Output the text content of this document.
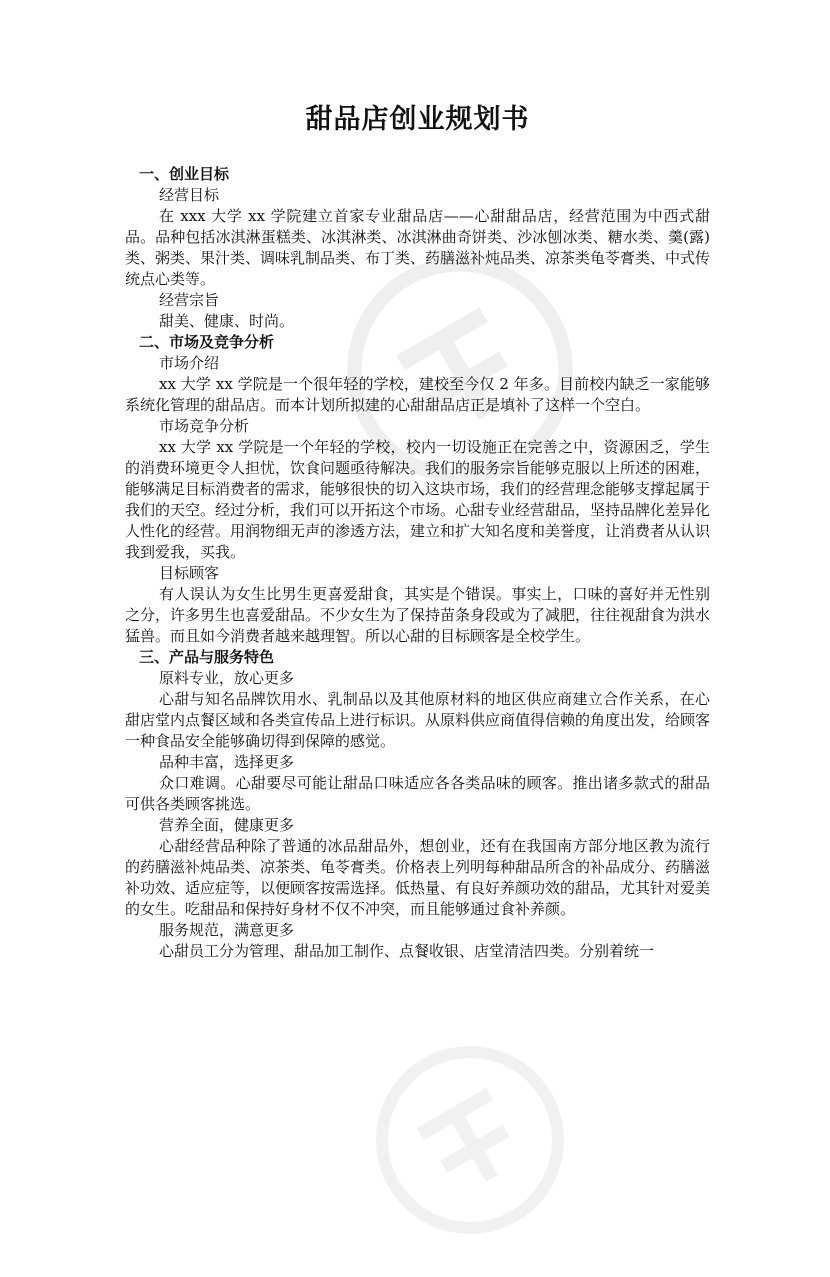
甜品店创业规划书

一、创业目标

经营目标

在 xxx 大学 xx 学院建立首家专业甜品店——心甜甜品店，经营范围为中西式甜品。品种包括冰淇淋蛋糕类、冰淇淋类、冰淇淋曲奇饼类、沙冰刨冰类、糖水类、羹(露)类、粥类、果汁类、调味乳制品类、布丁类、药膳滋补炖品类、凉茶类龟苓膏类、中式传统点心类等。

经营宗旨

甜美、健康、时尚。

二、市场及竞争分析

市场介绍

xx 大学 xx 学院是一个很年轻的学校，建校至今仅 2 年多。目前校内缺乏一家能够系统化管理的甜品店。而本计划所拟建的心甜甜品店正是填补了这样一个空白。

市场竞争分析

xx 大学 xx 学院是一个年轻的学校，校内一切设施正在完善之中，资源困乏，学生的消费环境更令人担忧，饮食问题亟待解决。我们的服务宗旨能够克服以上所述的困难，能够满足目标消费者的需求，能够很快的切入这块市场，我们的经营理念能够支撑起属于我们的天空。经过分析，我们可以开拓这个市场。心甜专业经营甜品，坚持品牌化差异化人性化的经营。用润物细无声的渗透方法，建立和扩大知名度和美誉度，让消费者从认识我到爱我，买我。

目标顾客

有人误认为女生比男生更喜爱甜食，其实是个错误。事实上，口味的喜好并无性别之分，许多男生也喜爱甜品。不少女生为了保持苗条身段或为了减肥，往往视甜食为洪水猛兽。而且如今消费者越来越理智。所以心甜的目标顾客是全校学生。

三、产品与服务特色

原料专业，放心更多

心甜与知名品牌饮用水、乳制品以及其他原材料的地区供应商建立合作关系，在心甜店堂内点餐区域和各类宣传品上进行标识。从原料供应商值得信赖的角度出发，给顾客一种食品安全能够确切得到保障的感觉。

品种丰富，选择更多

众口难调。心甜要尽可能让甜品口味适应各各类品味的顾客。推出诸多款式的甜品可供各类顾客挑选。

营养全面，健康更多

心甜经营品种除了普通的冰品甜品外，想创业，还有在我国南方部分地区教为流行的药膳滋补炖品类、凉茶类、龟苓膏类。价格表上列明每种甜品所含的补品成分、药膳滋补功效、适应症等，以便顾客按需选择。低热量、有良好养颜功效的甜品，尤其针对爱美的女生。吃甜品和保持好身材不仅不冲突，而且能够通过食补养颜。

服务规范，满意更多

心甜员工分为管理、甜品加工制作、点餐收银、店堂清洁四类。分别着统一
